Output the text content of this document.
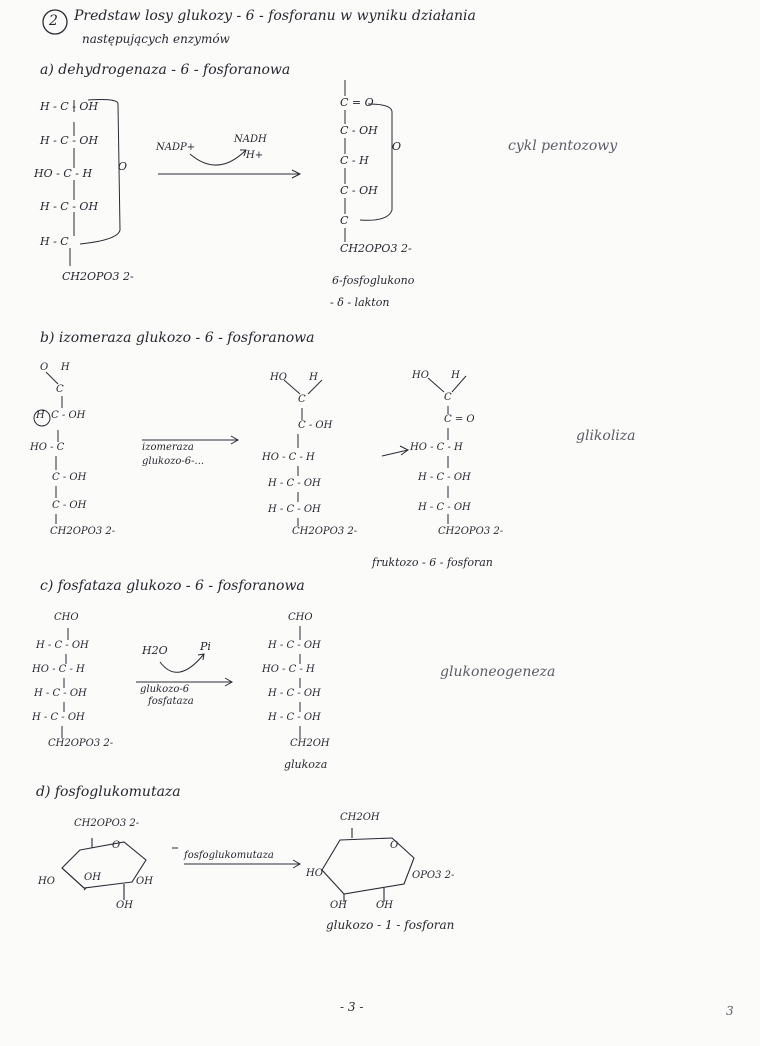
2 Predstaw losy glukozy - 6 - fosforanu w wyniku działania
następujących enzymów
a) dehydrogenaza - 6 - fosforanowa
H - C - OH
H - C - OH
HO - C - H
H - C - OH
H - C
CH2OPO3 2-
O
NADP+
NADH
H+
C = O
C - OH
C - H
C - OH
C
CH2OPO3 2-
O
6-fosfoglukono
- δ - lakton
cykl pentozowy
b) izomeraza glukozo - 6 - fosforanowa
O    H
C
H  C - OH
HO - C
C - OH
C - OH
CH2OPO3 2-
izomeraza
glukozo-6-...
HO       H
C
C - OH
HO - C - H
H - C - OH
H - C - OH
CH2OPO3 2-
HO       H
C
C = O
HO - C - H
H - C - OH
H - C - OH
CH2OPO3 2-
glikoliza
fruktozo - 6 - fosforan
c) fosfataza glukozo - 6 - fosforanowa
CHO
H - C - OH
HO - C - H
H - C - OH
H - C - OH
CH2OPO3 2-
H2O	Pi
glukozo-6
fosfataza
CHO
H - C - OH
HO - C - H
H - C - OH
H - C - OH
CH2OH
glukoza
glukoneogeneza
d) fosfoglukomutaza
CH2OPO3 2-
O
HO	OH	OH
OH
fosfoglukomutaza
CH2OH
O
HO	OPO3 2-
OH	OH
glukozo - 1 - fosforan
- 3 -	3
